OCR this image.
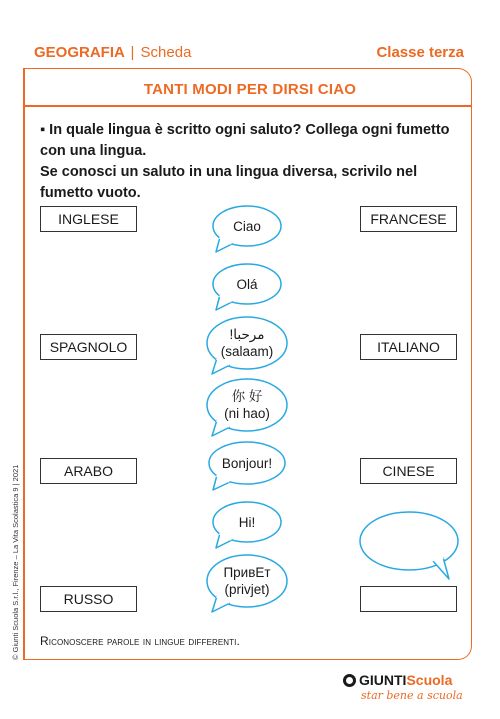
GEOGRAFIA | Scheda	Classe terza
TANTI MODI PER DIRSI CIAO
▪ In quale lingua è scritto ogni saluto? Collega ogni fumetto con una lingua.
Se conosci un saluto in una lingua diversa, scrivilo nel fumetto vuoto.
INGLESE
SPAGNOLO
ARABO
RUSSO
FRANCESE
ITALIANO
CINESE
Ciao
Olá
!مرحبا
(salaam)
你 好
(ni hao)
Bonjour!
Hi!
ПривЕт
(privjet)
Riconoscere parole in lingue differenti.
© Giunti Scuola S.r.l., Firenze – La Vita Scolastica 9 | 2021
GIUNTI Scuola
star bene a scuola
